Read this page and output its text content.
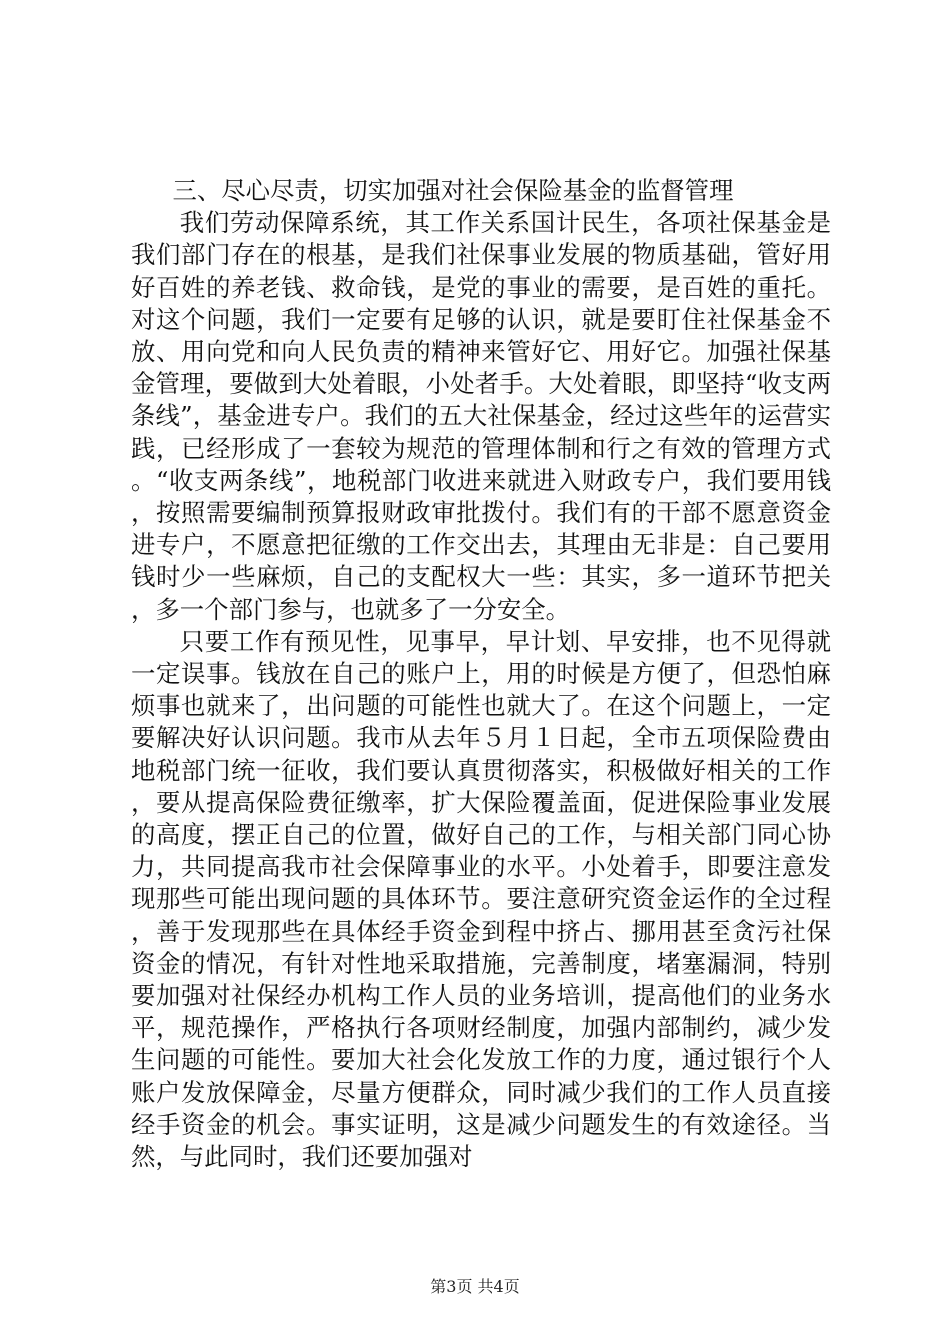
三、尽心尽责，切实加强对社会保险基金的监督管理

我们劳动保障系统，其工作关系国计民生，各项社保基金是我们部门存在的根基，是我们社保事业发展的物质基础，管好用好百姓的养老钱、救命钱，是党的事业的需要，是百姓的重托。对这个问题，我们一定要有足够的认识，就是要盯住社保基金不放、用向党和向人民负责的精神来管好它、用好它。加强社保基金管理，要做到大处着眼，小处者手。大处着眼，即坚持“收支两条线”，基金进专户。我们的五大社保基金，经过这些年的运营实践，已经形成了一套较为规范的管理体制和行之有效的管理方式。“收支两条线”，地税部门收进来就进入财政专户，我们要用钱，按照需要编制预算报财政审批拨付。我们有的干部不愿意资金进专户，不愿意把征缴的工作交出去，其理由无非是：自己要用钱时少一些麻烦，自己的支配权大一些：其实，多一道环节把关，多一个部门参与，也就多了一分安全。

只要工作有预见性，见事早，早计划、早安排，也不见得就一定误事。钱放在自己的账户上，用的时候是方便了，但恐怕麻烦事也就来了，出问题的可能性也就大了。在这个问题上，一定要解决好认识问题。我市从去年５月１日起，全市五项保险费由地税部门统一征收，我们要认真贯彻落实，积极做好相关的工作，要从提高保险费征缴率，扩大保险覆盖面，促进保险事业发展的高度，摆正自己的位置，做好自己的工作，与相关部门同心协力，共同提高我市社会保障事业的水平。小处着手，即要注意发现那些可能出现问题的具体环节。要注意研究资金运作的全过程，善于发现那些在具体经手资金到程中挤占、挪用甚至贪污社保资金的情况，有针对性地采取措施，完善制度，堵塞漏洞，特别要加强对社保经办机构工作人员的业务培训，提高他们的业务水平，规范操作，严格执行各项财经制度，加强内部制约，减少发生问题的可能性。要加大社会化发放工作的力度，通过银行个人账户发放保障金，尽量方便群众，同时减少我们的工作人员直接经手资金的机会。事实证明，这是减少问题发生的有效途径。当然，与此同时，我们还要加强对

第3页 共4页
